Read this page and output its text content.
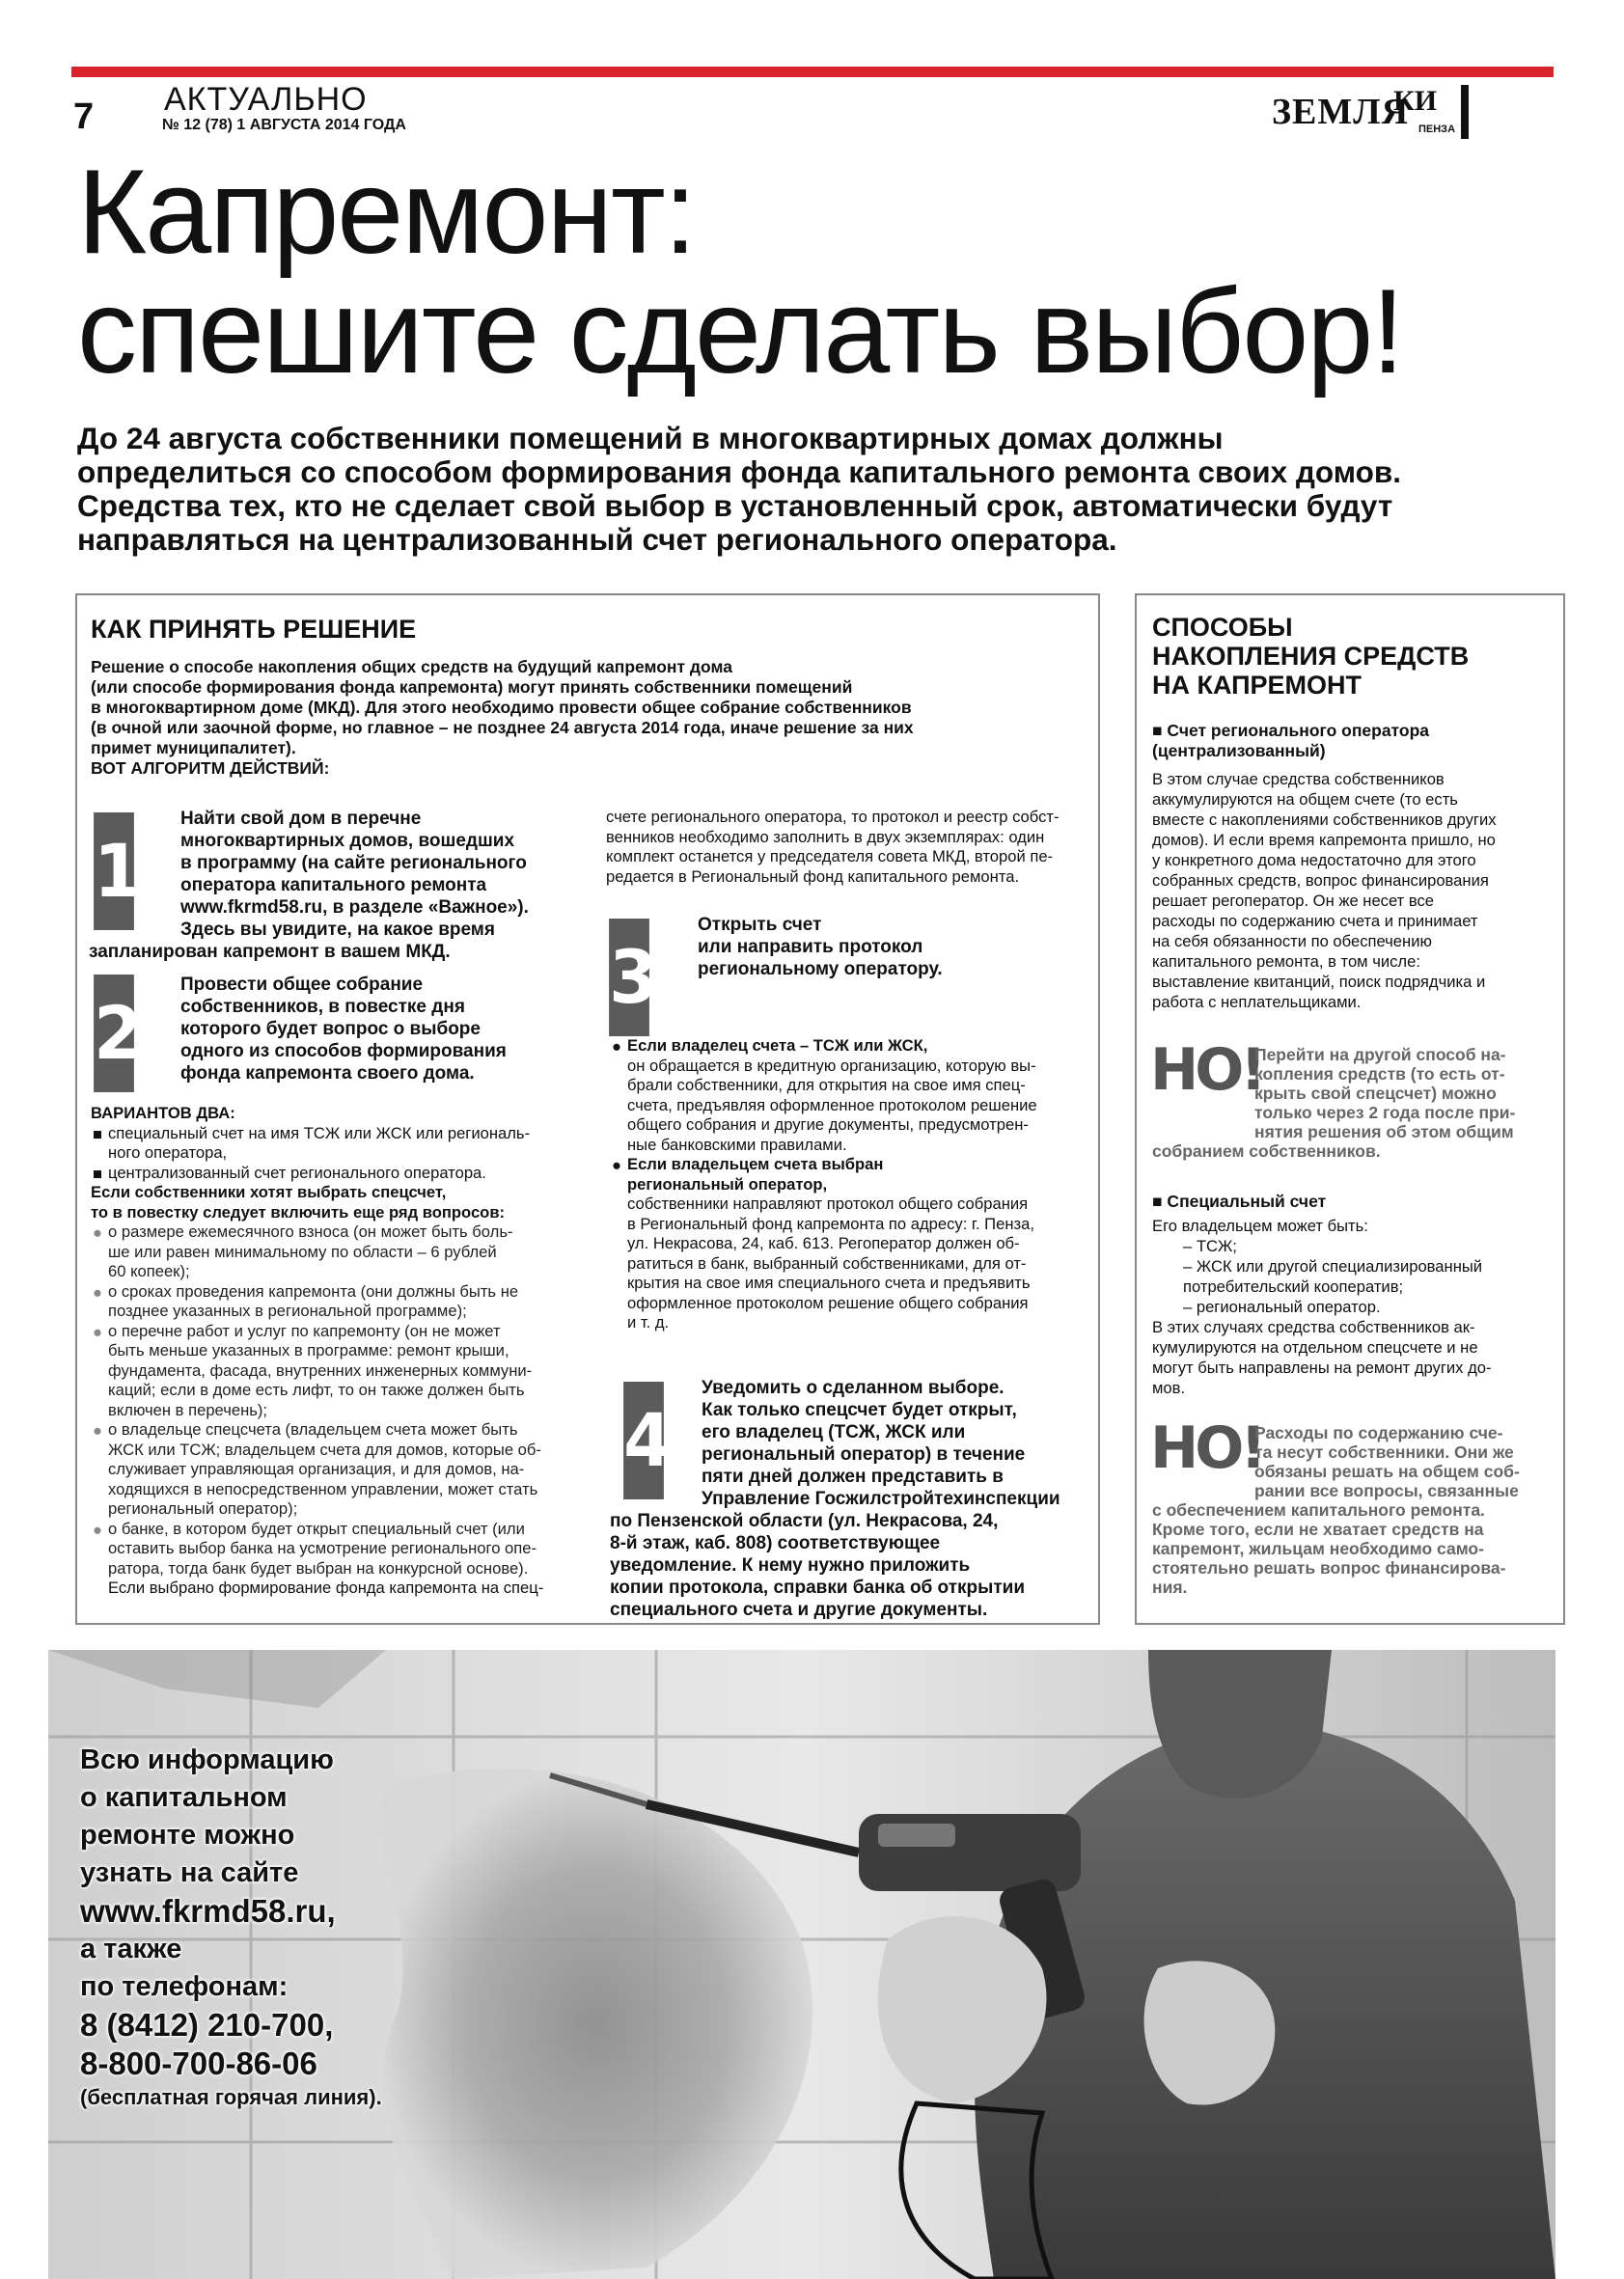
7 АКТУАЛЬНО
№ 12 (78) 1 АВГУСТА 2014 ГОДА	ЗЕМЛЯ
КИ
ПЕНЗА
Капремонт:
спешите сделать выбор!
До 24 августа собственники помещений в многоквартирных домах должны
определиться со способом формирования фонда капитального ремонта своих домов.
Средства тех, кто не сделает свой выбор в установленный срок, автоматически будут
направляться на централизованный счет регионального оператора.
КАК ПРИНЯТЬ РЕШЕНИЕ
Решение о способе накопления общих средств на будущий капремонт дома
(или способе формирования фонда капремонта) могут принять собственники помещений
в многоквартирном доме (МКД). Для этого необходимо провести общее собрание собственников
(в очной или заочной форме, но главное – не позднее 24 августа 2014 года, иначе решение за них
примет муниципалитет).
ВОТ АЛГОРИТМ ДЕЙСТВИЙ:
1
Найти свой дом в перечне
многоквартирных домов, вошедших
в программу (на сайте регионального
оператора капитального ремонта
www.fkrmd58.ru, в разделе «Важное»).
Здесь вы увидите, на какое время
запланирован капремонт в вашем МКД.
2
Провести общее собрание
собственников, в повестке дня
которого будет вопрос о выборе
одного из способов формирования
фонда капремонта своего дома.
ВАРИАНТОВ ДВА:
■ специальный счет на имя ТСЖ или ЖСК или региональ-
ного оператора,
■ централизованный счет регионального оператора.
Если собственники хотят выбрать спецсчет,
то в повестку следует включить еще ряд вопросов:
● о размере ежемесячного взноса (он может быть боль-
ше или равен минимальному по области – 6 рублей
60 копеек);
● о сроках проведения капремонта (они должны быть не
позднее указанных в региональной программе);
● о перечне работ и услуг по капремонту (он не может
быть меньше указанных в программе: ремонт крыши,
фундамента, фасада, внутренних инженерных коммуни-
каций; если в доме есть лифт, то он также должен быть
включен в перечень);
● о владельце спецсчета (владельцем счета может быть
ЖСК или ТСЖ; владельцем счета для домов, которые об-
служивает управляющая организация, и для домов, на-
ходящихся в непосредственном управлении, может стать
региональный оператор);
● о банке, в котором будет открыт специальный счет (или
оставить выбор банка на усмотрение регионального опе-
ратора, тогда банк будет выбран на конкурсной основе).
Если выбрано формирование фонда капремонта на спец-
счете регионального оператора, то протокол и реестр собст-
венников необходимо заполнить в двух экземплярах: один
комплект останется у председателя совета МКД, второй пе-
редается в Региональный фонд капитального ремонта.
3
Открыть счет
или направить протокол
региональному оператору.
● Если владелец счета – ТСЖ или ЖСК,
он обращается в кредитную организацию, которую вы-
брали собственники, для открытия на свое имя спец-
счета, предъявляя оформленное протоколом решение
общего собрания и другие документы, предусмотрен-
ные банковскими правилами.
● Если владельцем счета выбран
региональный оператор,
собственники направляют протокол общего собрания
в Региональный фонд капремонта по адресу: г. Пенза,
ул. Некрасова, 24, каб. 613. Регоператор должен об-
ратиться в банк, выбранный собственниками, для от-
крытия на свое имя специального счета и предъявить
оформленное протоколом решение общего собрания
и т. д.
4
Уведомить о сделанном выборе.
Как только спецсчет будет открыт,
его владелец (ТСЖ, ЖСК или
региональный оператор) в течение
пяти дней должен представить в
Управление Госжилстройтехинспекции
по Пензенской области (ул. Некрасова, 24,
8-й этаж, каб. 808) соответствующее
уведомление. К нему нужно приложить
копии протокола, справки банка об открытии
специального счета и другие документы.
СПОСОБЫ
НАКОПЛЕНИЯ СРЕДСТВ
НА КАПРЕМОНТ
■ Счет регионального оператора
(централизованный)
В этом случае средства собственников
аккумулируются на общем счете (то есть
вместе с накоплениями собственников других
домов). И если время капремонта пришло, но
у конкретного дома недостаточно для этого
собранных средств, вопрос финансирования
решает регоператор. Он же несет все
расходы по содержанию счета и принимает
на себя обязанности по обеспечению
капитального ремонта, в том числе:
выставление квитанций, поиск подрядчика и
работа с неплательщиками.
НО!
Перейти на другой способ на-
копления средств (то есть от-
крыть свой спецсчет) можно
только через 2 года после при-
нятия решения об этом общим
собранием собственников.
■ Специальный счет
Его владельцем может быть:
– ТСЖ;
– ЖСК или другой специализированный
потребительский кооператив;
– региональный оператор.
В этих случаях средства собственников ак-
кумулируются на отдельном спецсчете и не
могут быть направлены на ремонт других до-
мов.
НО!
Расходы по содержанию сче-
та несут собственники. Они же
обязаны решать на общем соб-
рании все вопросы, связанные
с обеспечением капитального ремонта.
Кроме того, если не хватает средств на
капремонт, жильцам необходимо само-
стоятельно решать вопрос финансирова-
ния.
Всю информацию
о капитальном
ремонте можно
узнать на сайте
www.fkrmd58.ru,
а также
по телефонам:
8 (8412) 210-700,
8-800-700-86-06
(бесплатная горячая линия).
